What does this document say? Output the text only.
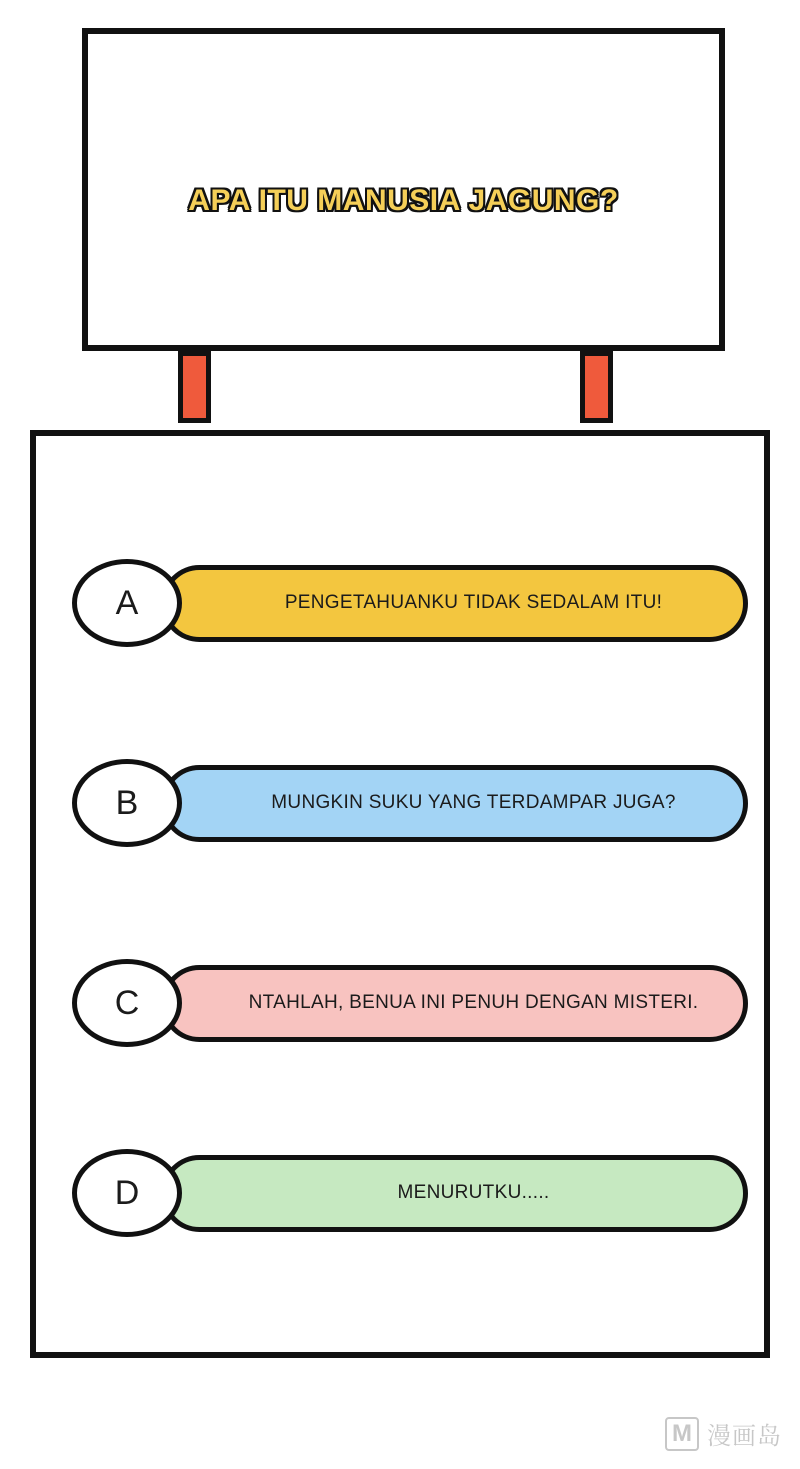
APA ITU MANUSIA JAGUNG?
PENGETAHUANKU TIDAK SEDALAM ITU!
A
MUNGKIN SUKU YANG TERDAMPAR JUGA?
B
NTAHLAH, BENUA INI PENUH DENGAN MISTERI.
C
MENURUTKU.....
D
M 漫画岛
